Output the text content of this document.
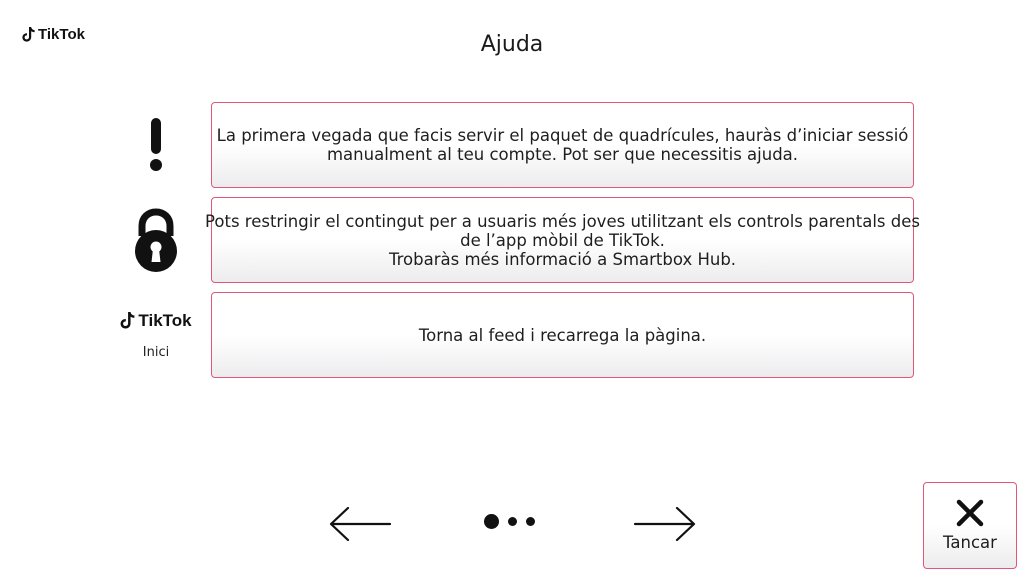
TikTok	Ajuda
La primera vegada que facis servir el paquet de quadrícules, hauràs d’iniciar sessió
manualment al teu compte. Pot ser que necessitis ajuda.
Pots restringir el contingut per a usuaris més joves utilitzant els controls parentals des
de l’app mòbil de TikTok.
Trobaràs més informació a Smartbox Hub.
TikTok
Inici
Torna al feed i recarrega la pàgina.
Tancar
